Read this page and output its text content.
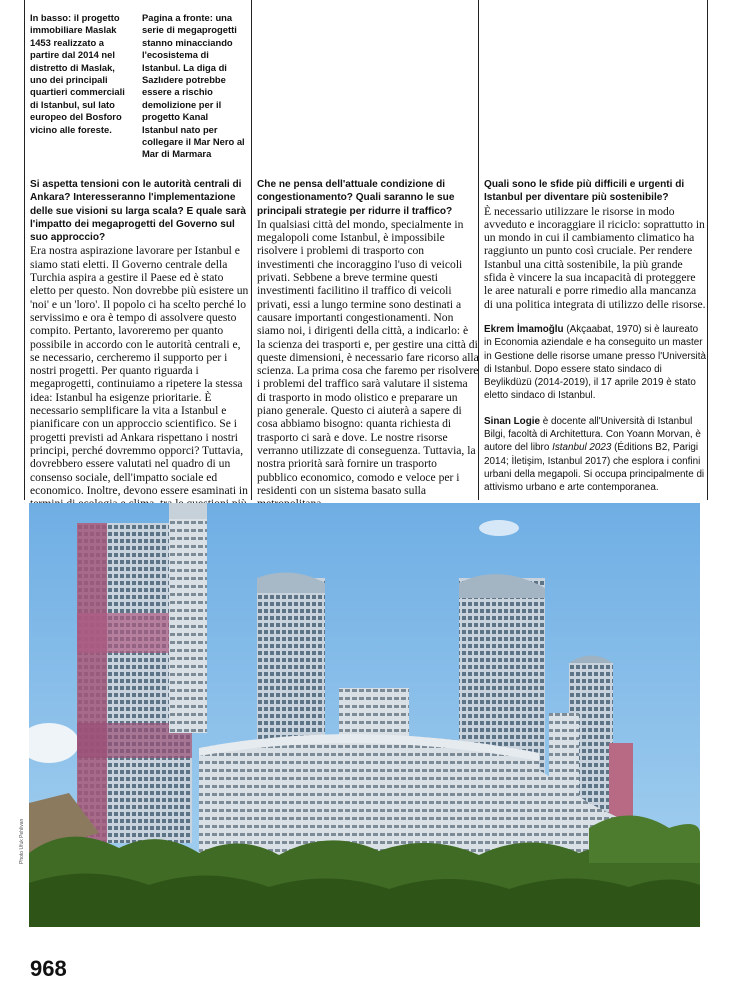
In basso: il progetto immobiliare Maslak 1453 realizzato a partire dal 2014 nel distretto di Maslak, uno dei principali quartieri commerciali di Istanbul, sul lato europeo del Bosforo vicino alle foreste.
Pagina a fronte: una serie di megaprogetti stanno minacciando l'ecosistema di Istanbul. La diga di Sazlıdere potrebbe essere a rischio demolizione per il progetto Kanal Istanbul nato per collegare il Mar Nero al Mar di Marmara

Si aspetta tensioni con le autorità centrali di Ankara? Interesseranno l'implementazione delle sue visioni su larga scala? E quale sarà l'impatto dei megaprogetti del Governo sul suo approccio?

Era nostra aspirazione lavorare per Istanbul e siamo stati eletti. Il Governo centrale della Turchia aspira a gestire il Paese ed è stato eletto per questo. Non dovrebbe più esistere un 'noi' e un 'loro'. Il popolo ci ha scelto perché lo servissimo e ora è tempo di assolvere questo compito. Pertanto, lavoreremo per quanto possibile in accordo con le autorità centrali e, se necessario, cercheremo il supporto per i nostri progetti. Per quanto riguarda i megaprogetti, continuiamo a ripetere la stessa idea: Istanbul ha esigenze prioritarie. È necessario semplificare la vita a Istanbul e pianificare con un approccio scientifico. Se i progetti previsti ad Ankara rispettano i nostri principi, perché dovremmo opporci? Tuttavia, dovrebbero essere valutati nel quadro di un consenso sociale, dell'impatto sociale ed economico. Inoltre, devono essere esaminati in

Che ne pensa dell'attuale condizione di congestionamento? Quali saranno le sue principali strategie per ridurre il traffico?

In qualsiasi città del mondo, specialmente in megalopoli come Istanbul, è impossibile risolvere i problemi di trasporto con investimenti che incoraggino l'uso di veicoli privati. Sebbene a breve termine questi investimenti facilitino il traffico di veicoli privati, essi a lungo termine sono destinati a causare importanti congestionamenti. Non siamo noi, i dirigenti della città, a indicarlo: è la scienza dei trasporti e, per gestire una città di queste dimensioni, è necessario fare ricorso alla scienza. La prima cosa che faremo per risolvere i problemi del traffico sarà valutare il sistema di trasporto in modo olistico e preparare un piano generale. Questo ci aiuterà a sapere di cosa abbiamo bisogno: quanta richiesta di trasporto ci sarà e dove. Le nostre risorse verranno utilizzate di conseguenza. Tuttavia, la nostra priorità sarà fornire un trasporto pubblico economico, comodo e veloce per i residenti con un sistema basato sulla

Quali sono le sfide più difficili e urgenti di Istanbul per diventare più sostenibile?

È necessario utilizzare le risorse in modo avveduto e incoraggiare il riciclo: soprattutto in un mondo in cui il cambiamento climatico ha raggiunto un punto così cruciale. Per rendere Istanbul una città sostenibile, la più grande sfida è vincere la sua incapacità di proteggere le aree naturali e porre rimedio alla mancanza di una politica integrata di utilizzo delle risorse.

Ekrem İmamoğlu (Akçaabat, 1970) si è laureato in Economia aziendale e ha conseguito un master in Gestione delle risorse umane presso l'Università di Istanbul. Dopo essere stato sindaco di Beylikdüzü (2014-2019), il 17 aprile 2019 è stato eletto sindaco di Istanbul.

Sinan Logie è docente all'Università di Istanbul Bilgi, facoltà di Architettura. Con Yoann Morvan, è autore del libro Istanbul 2023 (Éditions B2, Parigi 2014; İletişim, Istanbul 2017) che esplora i confini urbani della megapoli. Si occupa principalmente di attivismo urbano e arte contemporanea.

Photo Ufuk Pehlivan
968
